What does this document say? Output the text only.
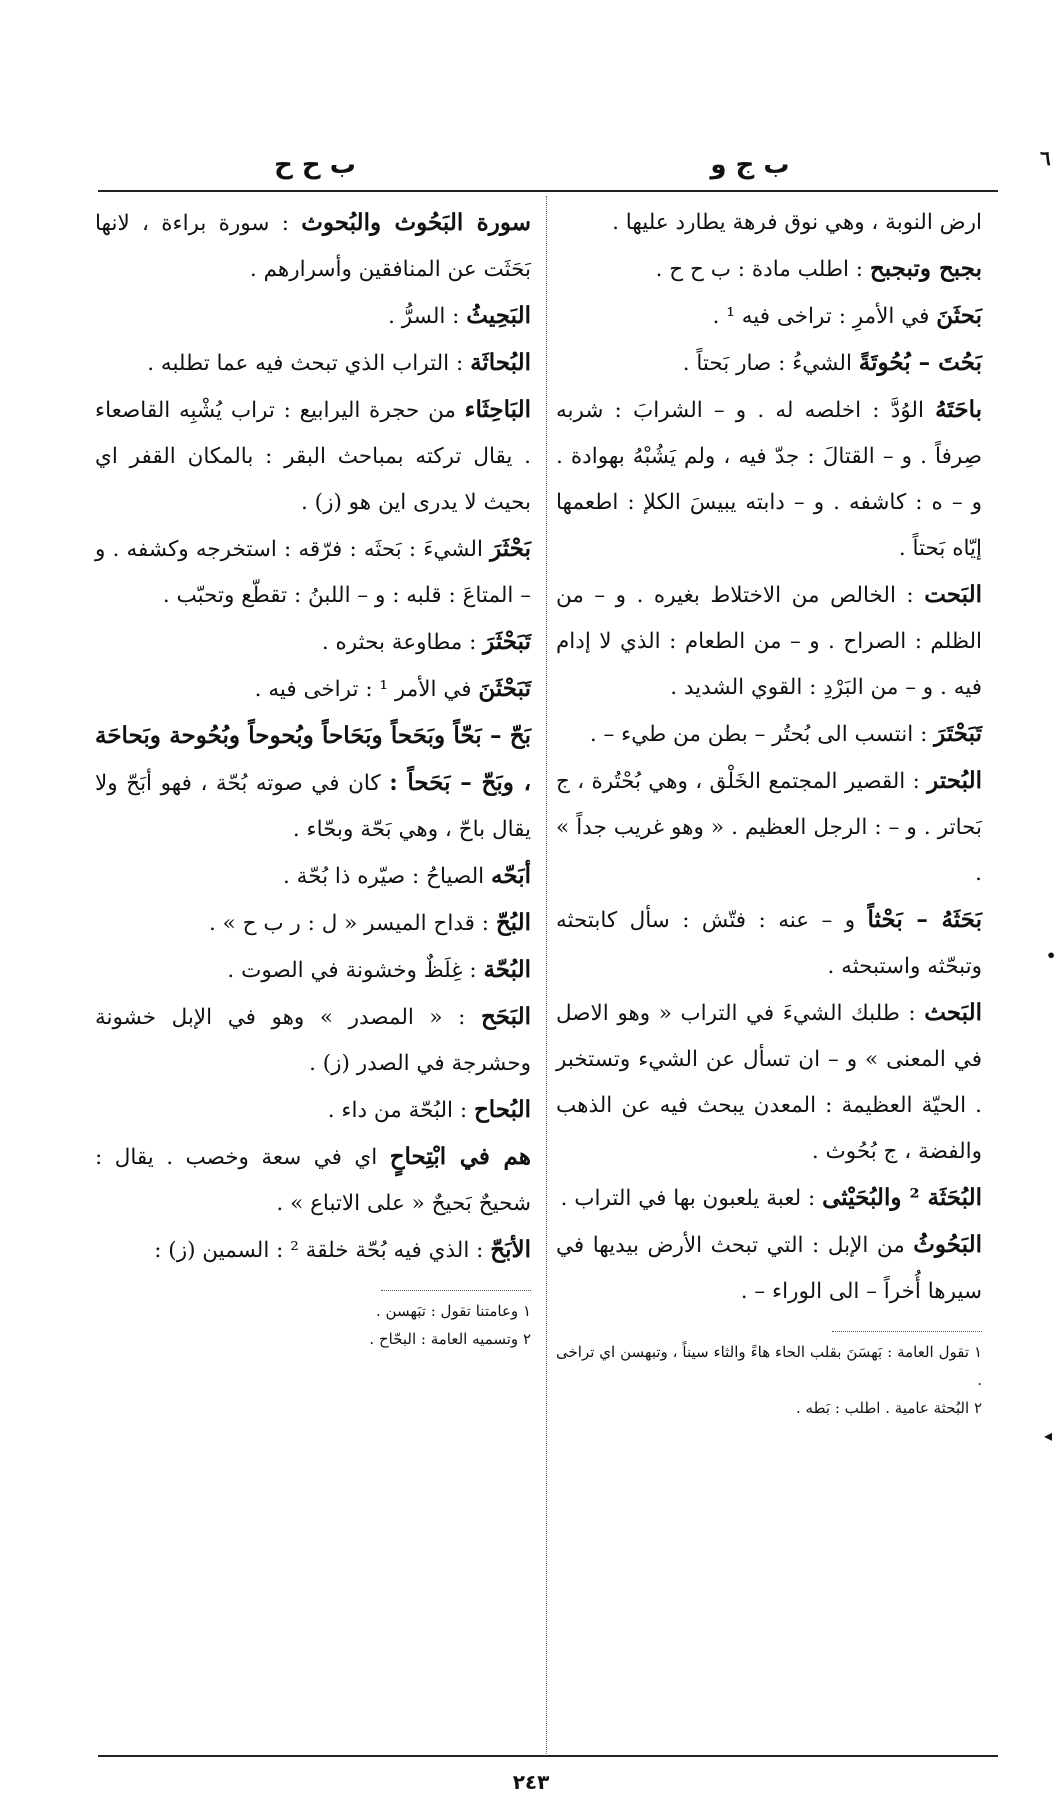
ب ج و
ب ح ح	٦
•
◂

ارض النوبة ، وهي نوق فرهة يطارد عليها .

بجبح وتبجبح : اطلب مادة : ب ح ح .

بَحثَنَ في الأمرِ : تراخى فيه ¹ .

بَحُتَ – بُحُوتَةً الشيءُ : صار بَحتاً .

باحَتَهُ الوُدَّ : اخلصه له . و – الشرابَ : شربه صِرفاً . و – القتالَ : جدّ فيه ، ولم يَشُبْهُ بهوادة . و – ه : كاشفه . و – دابته يبيسَ الكلإ : اطعمها إيّاه بَحتاً .

البَحت : الخالص من الاختلاط بغيره . و – من الظلم : الصراح . و – من الطعام : الذي لا إدام فيه . و – من البَرْدِ : القوي الشديد .

تَبَحْتَرَ : انتسب الى بُحتُر – بطن من طيء – .

البُحتر : القصير المجتمع الخَلْق ، وهي بُحْتُرة ، ج بَحاتر . و – : الرجل العظيم . « وهو غريب جداً » .

بَحَثَهُ – بَحْثاً و – عنه : فتّش : سأل كابتحثه وتبحّثه واستبحثه .

البَحث : طلبك الشيءَ في التراب « وهو الاصل في المعنى » و – ان تسأل عن الشيء وتستخبر . الحيّة العظيمة : المعدن يبحث فيه عن الذهب والفضة ، ج بُحُوث .

البُحَثَة ² والبُحَيْثى : لعبة يلعبون بها في التراب .

البَحُوثُ من الإبل : التي تبحث الأرض بيديها في سيرها أُخراً – الى الوراء – .

١ تقول العامة : بَهسَنَ بقلب الحاء هاءً والثاء سيناً ، وتبهسن اي تراخى .
٢ البُحثة عامية . اطلب : بَطه .

سورة البَحُوث والبُحوث : سورة براءة ، لانها بَحَثَت عن المنافقين وأسرارهم .

البَحِيثُ : السرُّ .

البُحاثَة : التراب الذي تبحث فيه عما تطلبه .

البَاحِثَاء من حجرة اليرابيع : تراب يُشْبِه القاصعاء . يقال تركته بمباحث البقر : بالمكان القفر اي بحيث لا يدرى اين هو (ز) .

بَحْثَرَ الشيءَ : بَحثَه : فرّقه : استخرجه وكشفه . و – المتاعَ : قلبه : و – اللبنُ : تقطّع وتحبّب .

تَبَحْثَرَ : مطاوعة بحثره .

تَبَحْثَنَ في الأمر ¹ : تراخى فيه .

بَحّ – بَحّاً وبَحَحاً وبَحَاحاً وبُحوحاً وبُحُوحة وبَحاحَة ، وبَحّ – بَحَحاً : كان في صوته بُحّة ، فهو أبَحّ ولا يقال باحّ ، وهي بَحّة وبحّاء .

أبَحّه الصياحُ : صيّره ذا بُحّة .

البُحّ : قداح الميسر « ل : ر ب ح » .

البُحّة : غِلَظٌ وخشونة في الصوت .

البَحَح : « المصدر » وهو في الإبل خشونة وحشرجة في الصدر (ز) .

البُحاح : البُحّة من داء .

هم في ابْتِحاحٍ اي في سعة وخصب . يقال : شحيحٌ بَحيحٌ « على الاتباع » .

الأبَحّ : الذي فيه بُحّة خلقة ² : السمين (ز) :

١ وعامتنا تقول : تبَهسن .
٢ وتسميه العامة : البحّاح .
٢٤٣
